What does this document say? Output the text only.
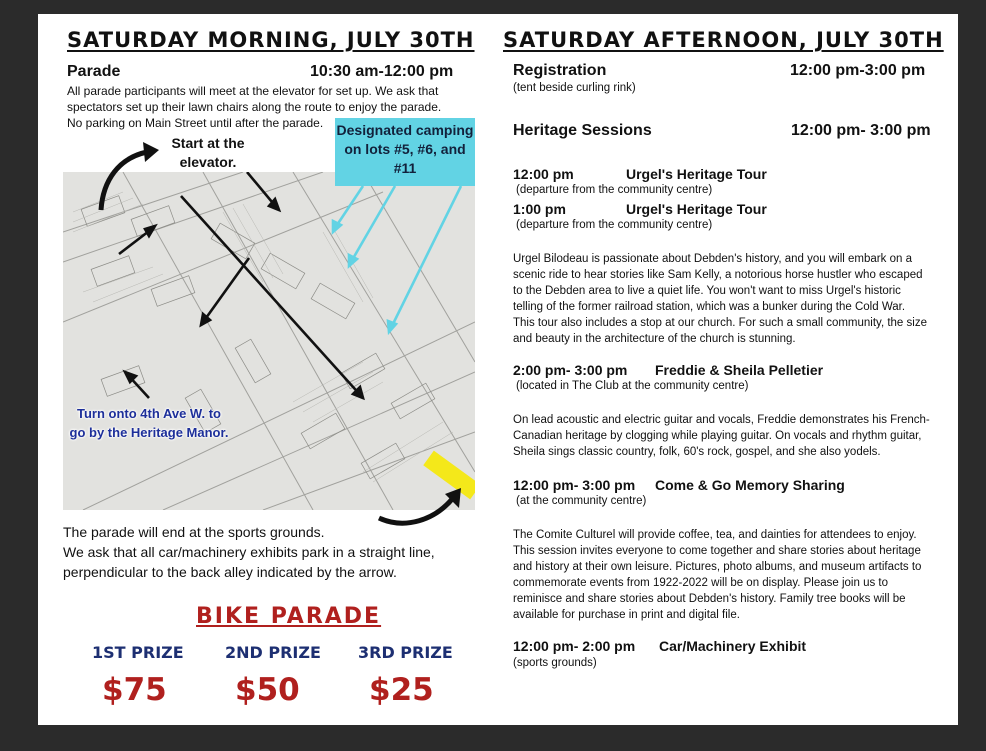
SATURDAY MORNING, JULY 30TH
Parade	10:30 am-12:00 pm
All parade participants will meet at the elevator for set up. We ask that
spectators set up their lawn chairs along the route to enjoy the parade.
No parking on Main Street until after the parade.
Start at the elevator.
Designated camping on lots #5, #6, and #11
Turn onto 4th Ave W. to go by the Heritage Manor.
The parade will end at the sports grounds.
We ask that all car/machinery exhibits park in a straight line,
perpendicular to the back alley indicated by the arrow.
BIKE PARADE
1ST PRIZE	2ND PRIZE 3RD PRIZE
$75 $50 $25
SATURDAY AFTERNOON, JULY 30TH
Registration	12:00 pm-3:00 pm
(tent beside curling rink)
Heritage Sessions	12:00 pm- 3:00 pm
12:00 pm	Urgel's Heritage Tour
(departure from the community centre)
1:00 pm	Urgel's Heritage Tour
(departure from the community centre)
Urgel Bilodeau is passionate about Debden's history, and you will embark on a
scenic ride to hear stories like Sam Kelly, a notorious horse hustler who escaped
to the Debden area to live a quiet life. You won't want to miss Urgel's historic
telling of the former railroad station, which was a bunker during the Cold War.
This tour also includes a stop at our church. For such a small community, the size
and beauty in the architecture of the church is stunning.
2:00 pm- 3:00 pm Freddie & Sheila Pelletier
(located in The Club at the community centre)
On lead acoustic and electric guitar and vocals, Freddie demonstrates his French-
Canadian heritage by clogging while playing guitar. On vocals and rhythm guitar,
Sheila sings classic country, folk, 60's rock, gospel, and she also yodels.
12:00 pm- 3:00 pm Come & Go Memory Sharing
(at the community centre)
The Comite Culturel will provide coffee, tea, and dainties for attendees to enjoy.
This session invites everyone to come together and share stories about heritage
and history at their own leisure. Pictures, photo albums, and museum artifacts to
commemorate events from 1922-2022 will be on display. Please join us to
reminisce and share stories about Debden's history. Family tree books will be
available for purchase in print and digital file.
12:00 pm- 2:00 pm Car/Machinery Exhibit
(sports grounds)
